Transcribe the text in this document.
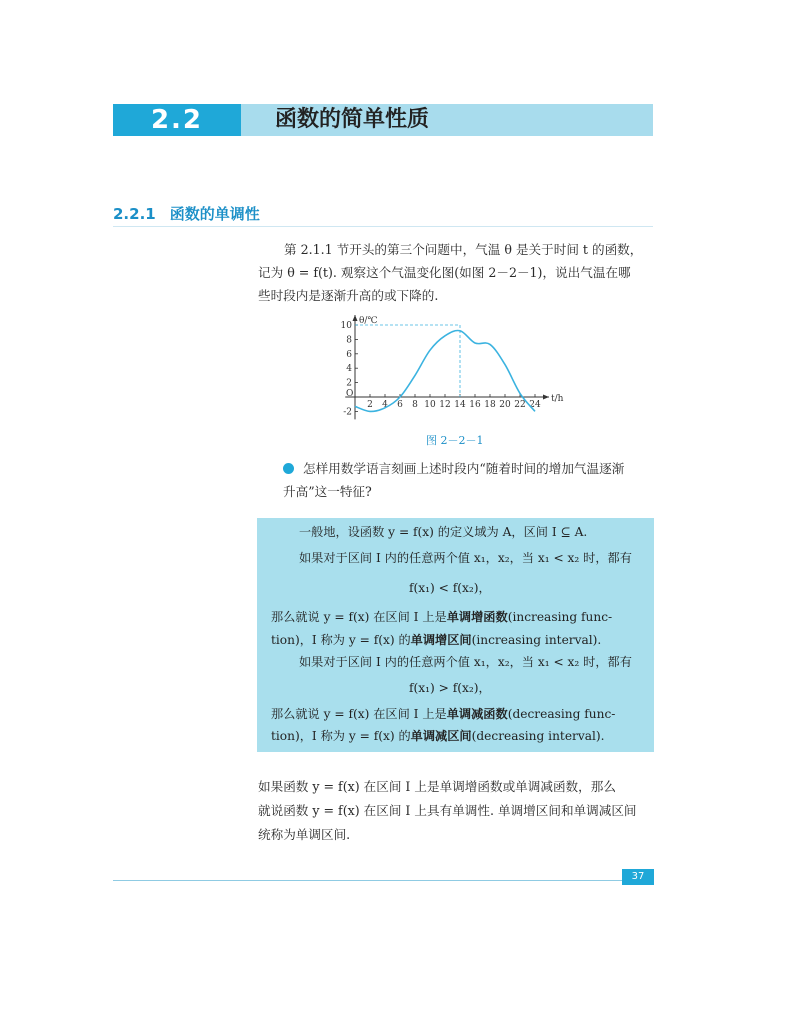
2.2	函数的简单性质
2.2.1 函数的单调性
第 2.1.1 节开头的第三个问题中，气温 θ 是关于时间 t 的函数，
记为 θ = f(t). 观察这个气温变化图(如图 2－2－1)，说出气温在哪
些时段内是逐渐升高的或下降的.
θ/℃
t/h
O
2 4 6 8 10 12 14 16 18 20 22 24
-2
2
4
6
8
10
图 2－2－1
怎样用数学语言刻画上述时段内“随着时间的增加气温逐渐
升高”这一特征?
一般地，设函数 y = f(x) 的定义域为 A，区间 I ⊆ A.
如果对于区间 I 内的任意两个值 x₁，x₂，当 x₁ < x₂ 时，都有
f(x₁) < f(x₂)，
那么就说 y = f(x) 在区间 I 上是单调增函数(increasing func-
tion)，I 称为 y = f(x) 的单调增区间(increasing interval).
如果对于区间 I 内的任意两个值 x₁，x₂，当 x₁ < x₂ 时，都有
f(x₁) > f(x₂)，
那么就说 y = f(x) 在区间 I 上是单调减函数(decreasing func-
tion)，I 称为 y = f(x) 的单调减区间(decreasing interval).
如果函数 y = f(x) 在区间 I 上是单调增函数或单调减函数，那么
就说函数 y = f(x) 在区间 I 上具有单调性. 单调增区间和单调减区间
统称为单调区间.
37
